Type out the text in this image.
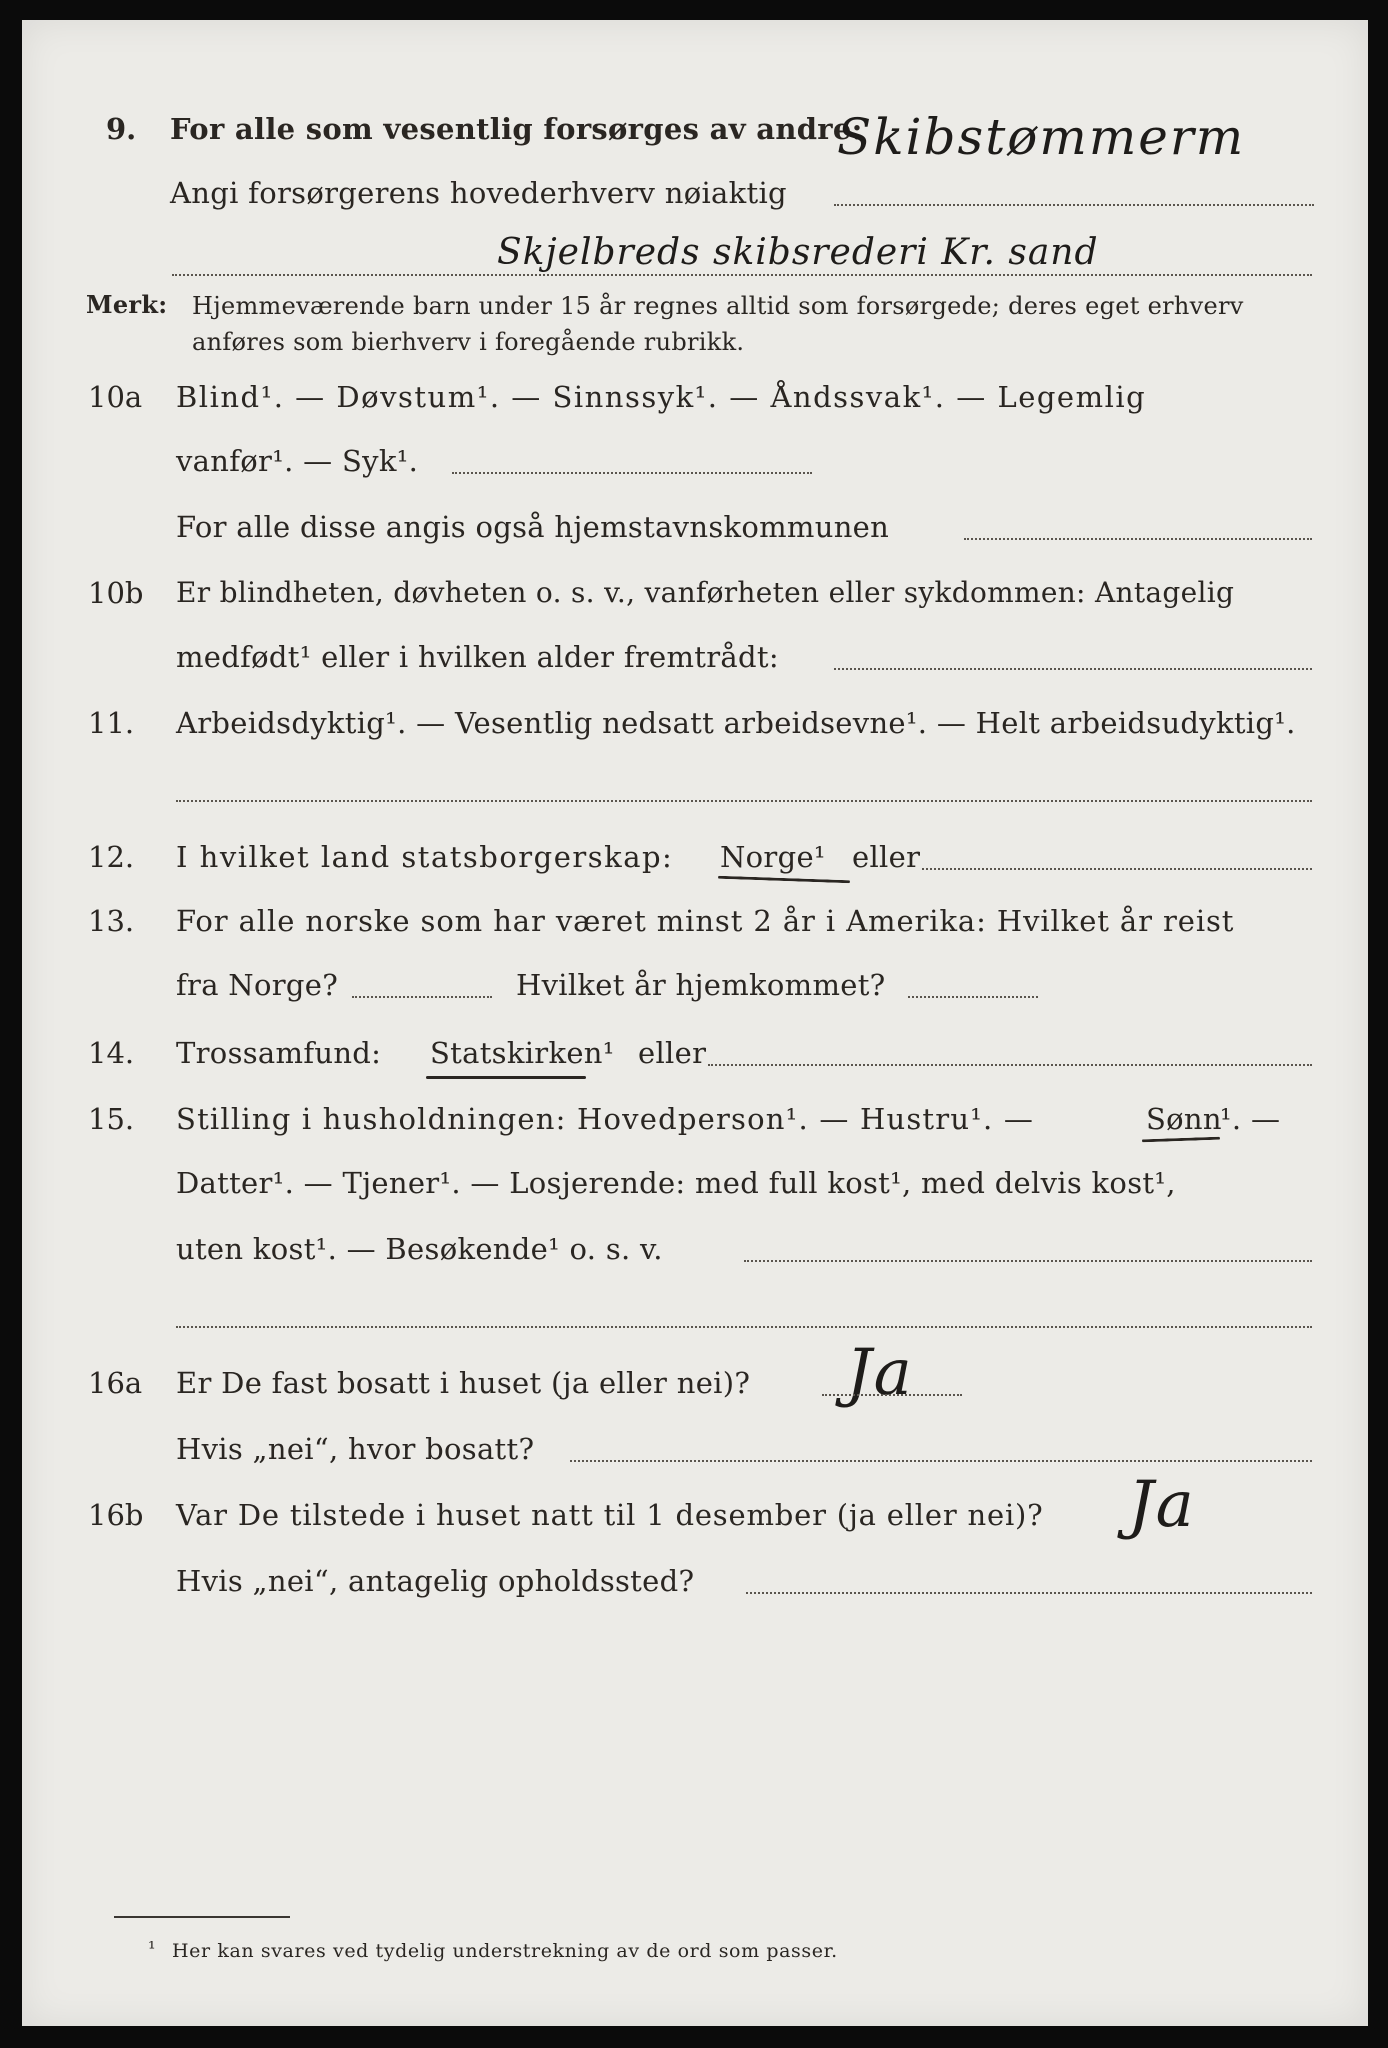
9. For alle som vesentlig forsørges av andre:
Skibstømmerm
Angi forsørgerens hovederhverv nøiaktig
Skjelbreds skibsrederi Kr. sand
Merk: Hjemmeværende barn under 15 år regnes alltid som forsørgede; deres eget erhverv
anføres som bierhverv i foregående rubrikk.
10a Blind¹. — Døvstum¹. — Sinnssyk¹. — Åndssvak¹. — Legemlig
vanfør¹. — Syk¹.
For alle disse angis også hjemstavnskommunen
10b Er blindheten, døvheten o. s. v., vanførheten eller sykdommen: Antagelig
medfødt¹ eller i hvilken alder fremtrådt:
11. Arbeidsdyktig¹. — Vesentlig nedsatt arbeidsevne¹. — Helt arbeidsudyktig¹.
12. I hvilket land statsborgerskap: Norge¹ eller
13. For alle norske som har været minst 2 år i Amerika: Hvilket år reist
fra Norge?	Hvilket år hjemkommet?
14. Trossamfund: Statskirken¹ eller
15. Stilling i husholdningen: Hovedperson¹. — Hustru¹. —	Sønn
¹. —
Datter¹. — Tjener¹. — Losjerende: med full kost¹, med delvis kost¹,
uten kost¹. — Besøkende¹ o. s. v.
16a Er De fast bosatt i huset (ja eller nei)? Ja
Hvis „nei“, hvor bosatt?
16b Var De tilstede i huset natt til 1 desember (ja eller nei)? Ja
Hvis „nei“, antagelig opholdssted?
¹ Her kan svares ved tydelig understrekning av de ord som passer.
